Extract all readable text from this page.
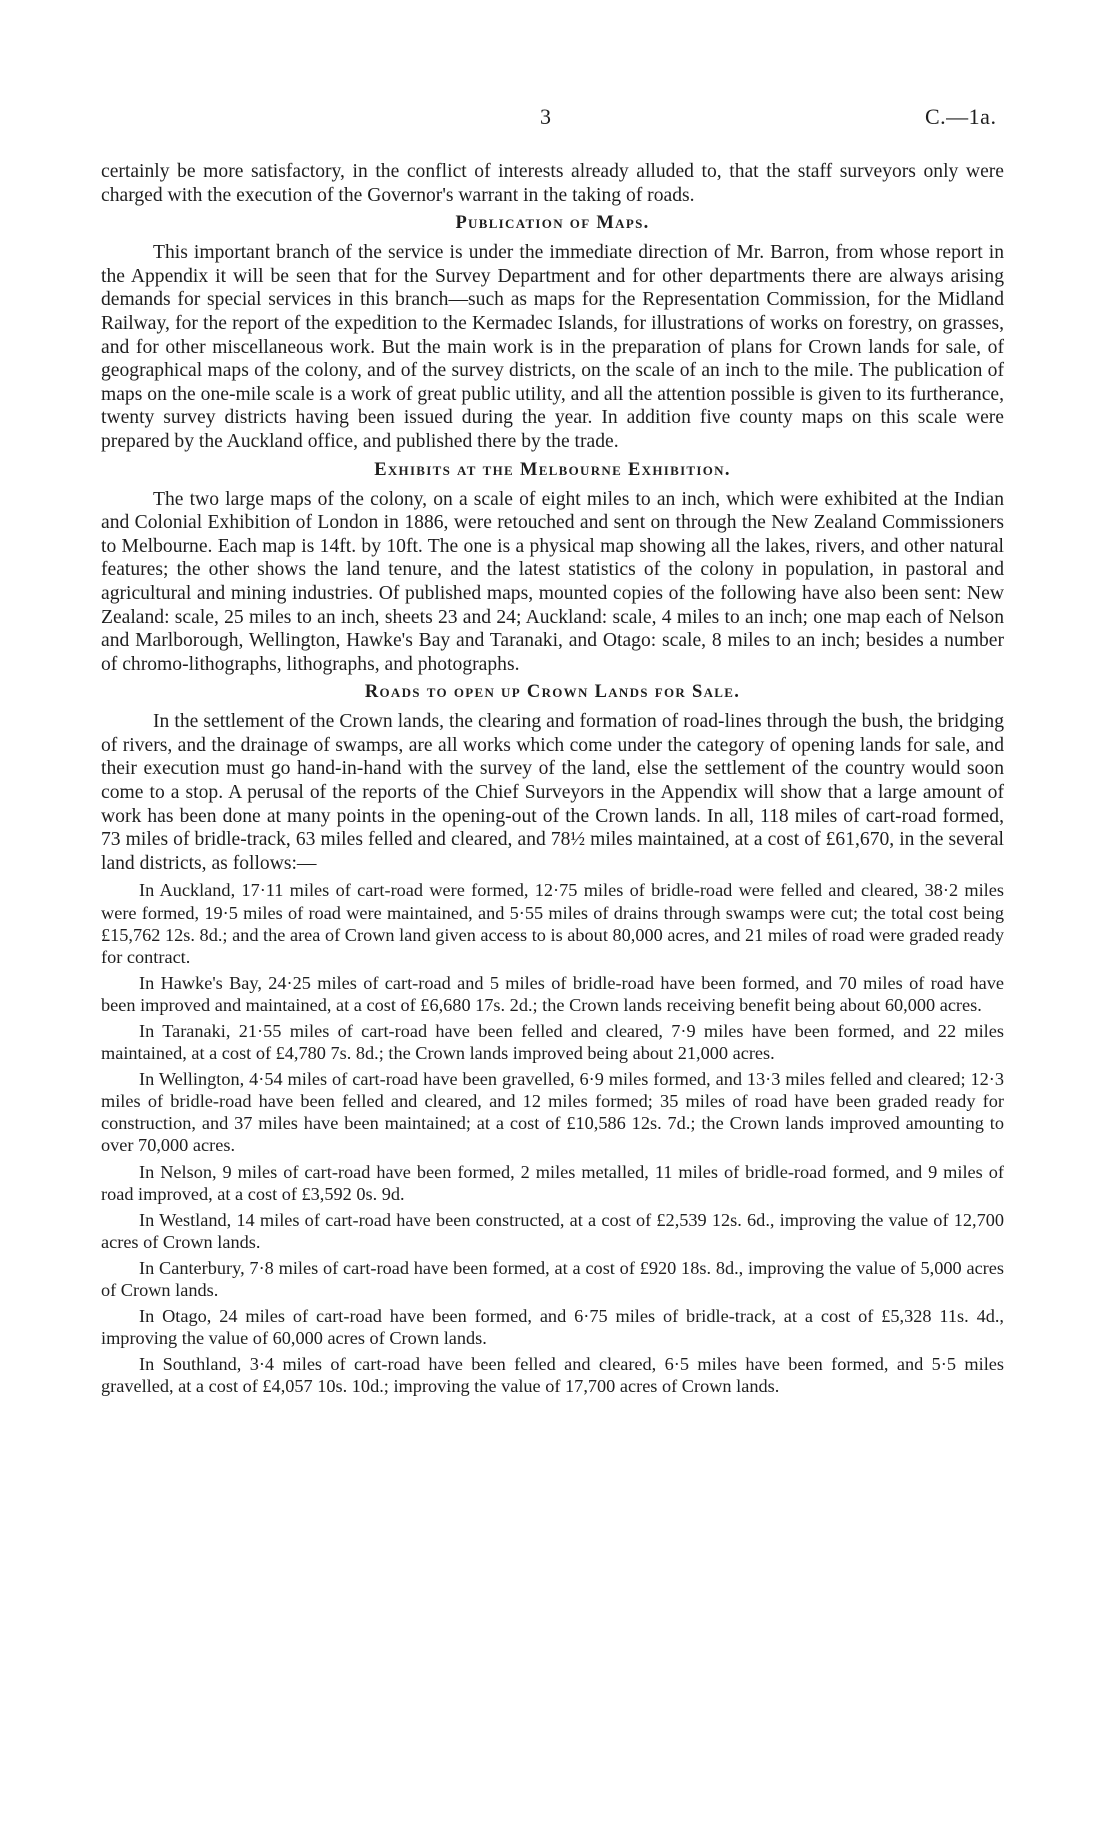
3	C.—1a.

certainly be more satisfactory, in the conflict of interests already alluded to, that the staff surveyors only were charged with the execution of the Governor's warrant in the taking of roads.

Publication of Maps.

This important branch of the service is under the immediate direction of Mr. Barron, from whose report in the Appendix it will be seen that for the Survey Department and for other departments there are always arising demands for special services in this branch—such as maps for the Representation Commission, for the Midland Railway, for the report of the expedition to the Kermadec Islands, for illustrations of works on forestry, on grasses, and for other miscellaneous work. But the main work is in the preparation of plans for Crown lands for sale, of geographical maps of the colony, and of the survey districts, on the scale of an inch to the mile. The publication of maps on the one-mile scale is a work of great public utility, and all the attention possible is given to its furtherance, twenty survey districts having been issued during the year. In addition five county maps on this scale were prepared by the Auckland office, and published there by the trade.

Exhibits at the Melbourne Exhibition.

The two large maps of the colony, on a scale of eight miles to an inch, which were exhibited at the Indian and Colonial Exhibition of London in 1886, were retouched and sent on through the New Zealand Commissioners to Melbourne. Each map is 14ft. by 10ft. The one is a physical map showing all the lakes, rivers, and other natural features; the other shows the land tenure, and the latest statistics of the colony in population, in pastoral and agricultural and mining industries. Of published maps, mounted copies of the following have also been sent: New Zealand: scale, 25 miles to an inch, sheets 23 and 24; Auckland: scale, 4 miles to an inch; one map each of Nelson and Marlborough, Wellington, Hawke's Bay and Taranaki, and Otago: scale, 8 miles to an inch; besides a number of chromo-lithographs, lithographs, and photographs.

Roads to open up Crown Lands for Sale.

In the settlement of the Crown lands, the clearing and formation of road-lines through the bush, the bridging of rivers, and the drainage of swamps, are all works which come under the category of opening lands for sale, and their execution must go hand-in-hand with the survey of the land, else the settlement of the country would soon come to a stop. A perusal of the reports of the Chief Surveyors in the Appendix will show that a large amount of work has been done at many points in the opening-out of the Crown lands. In all, 118 miles of cart-road formed, 73 miles of bridle-track, 63 miles felled and cleared, and 78½ miles maintained, at a cost of £61,670, in the several land districts, as follows:—

In Auckland, 17·11 miles of cart-road were formed, 12·75 miles of bridle-road were felled and cleared, 38·2 miles were formed, 19·5 miles of road were maintained, and 5·55 miles of drains through swamps were cut; the total cost being £15,762 12s. 8d.; and the area of Crown land given access to is about 80,000 acres, and 21 miles of road were graded ready for contract.

In Hawke's Bay, 24·25 miles of cart-road and 5 miles of bridle-road have been formed, and 70 miles of road have been improved and maintained, at a cost of £6,680 17s. 2d.; the Crown lands receiving benefit being about 60,000 acres.

In Taranaki, 21·55 miles of cart-road have been felled and cleared, 7·9 miles have been formed, and 22 miles maintained, at a cost of £4,780 7s. 8d.; the Crown lands improved being about 21,000 acres.

In Wellington, 4·54 miles of cart-road have been gravelled, 6·9 miles formed, and 13·3 miles felled and cleared; 12·3 miles of bridle-road have been felled and cleared, and 12 miles formed; 35 miles of road have been graded ready for construction, and 37 miles have been maintained; at a cost of £10,586 12s. 7d.; the Crown lands improved amounting to over 70,000 acres.

In Nelson, 9 miles of cart-road have been formed, 2 miles metalled, 11 miles of bridle-road formed, and 9 miles of road improved, at a cost of £3,592 0s. 9d.

In Westland, 14 miles of cart-road have been constructed, at a cost of £2,539 12s. 6d., improving the value of 12,700 acres of Crown lands.

In Canterbury, 7·8 miles of cart-road have been formed, at a cost of £920 18s. 8d., improving the value of 5,000 acres of Crown lands.

In Otago, 24 miles of cart-road have been formed, and 6·75 miles of bridle-track, at a cost of £5,328 11s. 4d., improving the value of 60,000 acres of Crown lands.

In Southland, 3·4 miles of cart-road have been felled and cleared, 6·5 miles have been formed, and 5·5 miles gravelled, at a cost of £4,057 10s. 10d.; improving the value of 17,700 acres of Crown lands.
